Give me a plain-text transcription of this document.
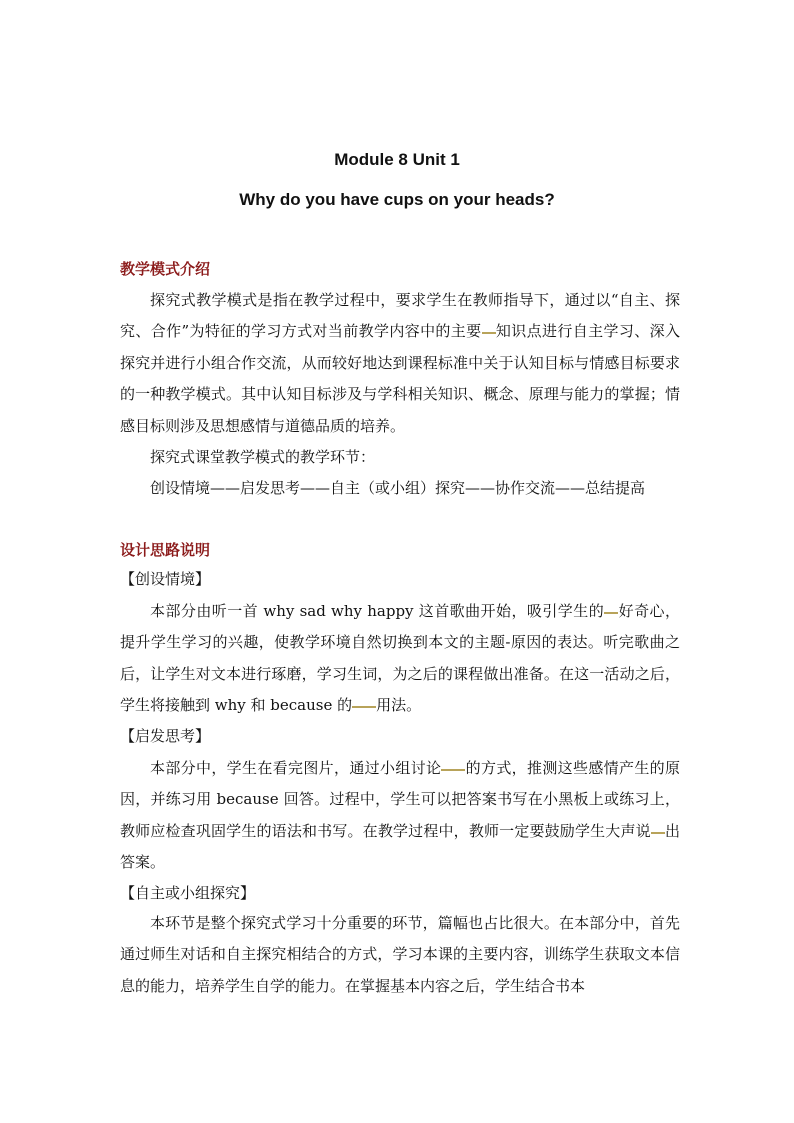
Module 8 Unit 1
Why do you have cups on your heads?
教学模式介绍

探究式教学模式是指在教学过程中，要求学生在教师指导下，通过以“自主、探究、合作”为特征的学习方式对当前教学内容中的主要 知识点进行自主学习、深入探究并进行小组合作交流，从而较好地达到课程标准中关于认知目标与情感目标要求的一种教学模式。其中认知目标涉及与学科相关知识、概念、原理与能力的掌握；情感目标则涉及思想感情与道德品质的培养。

探究式课堂教学模式的教学环节：

创设情境——启发思考——自主（或小组）探究——协作交流——总结提高

设计思路说明

【创设情境】

本部分由听一首 why sad why happy 这首歌曲开始，吸引学生的 好奇心，提升学生学习的兴趣，使教学环境自然切换到本文的主题-原因的表达。听完歌曲之后，让学生对文本进行琢磨，学习生词，为之后的课程做出准备。在这一活动之后，学生将接触到 why 和 because 的 用法。

【启发思考】

本部分中，学生在看完图片，通过小组讨论 的方式，推测这些感情产生的原因，并练习用 because 回答。过程中，学生可以把答案书写在小黑板上或练习上，教师应检查巩固学生的语法和书写。在教学过程中，教师一定要鼓励学生大声说 出答案。

【自主或小组探究】

本环节是整个探究式学习十分重要的环节，篇幅也占比很大。在本部分中，首先通过师生对话和自主探究相结合的方式，学习本课的主要内容，训练学生获取文本信息的能力，培养学生自学的能力。在掌握基本内容之后，学生结合书本
